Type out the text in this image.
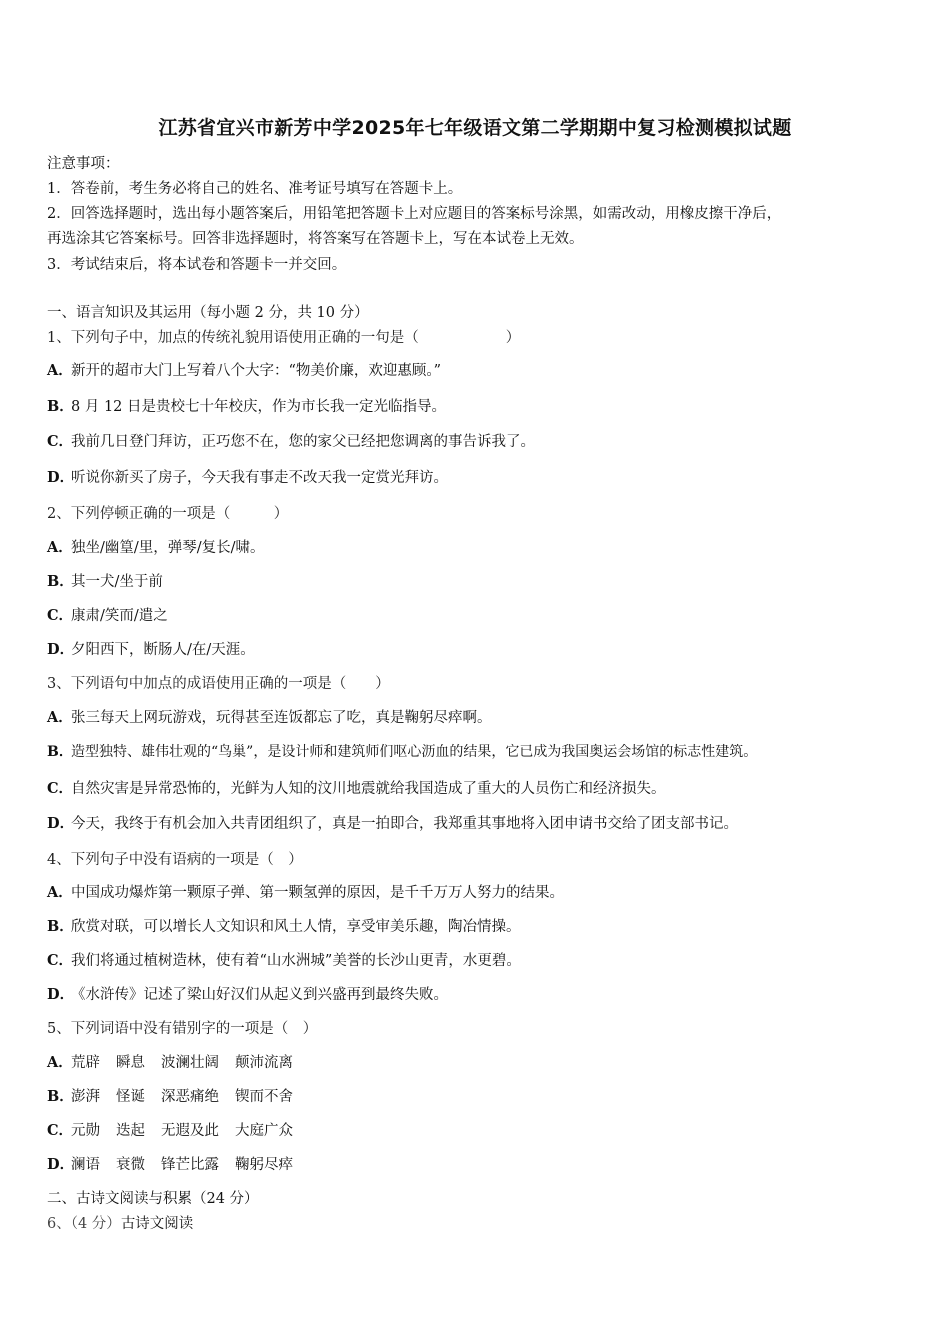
江苏省宜兴市新芳中学2025年七年级语文第二学期期中复习检测模拟试题
注意事项：
1．答卷前，考生务必将自己的姓名、准考证号填写在答题卡上。
2．回答选择题时，选出每小题答案后，用铅笔把答题卡上对应题目的答案标号涂黑，如需改动，用橡皮擦干净后，
再选涂其它答案标号。回答非选择题时，将答案写在答题卡上，写在本试卷上无效。
3．考试结束后，将本试卷和答题卡一并交回。
一、语言知识及其运用（每小题 2 分，共 10 分）
1、下列句子中，加点的传统礼貌用语使用正确的一句是（　　　　　　）
A．新开的超市大门上写着八个大字：“物美价廉，欢迎惠顾。”
B．8 月 12 日是贵校七十年校庆，作为市长我一定光临指导。
C．我前几日登门拜访，正巧您不在，您的家父已经把您调离的事告诉我了。
D．听说你新买了房子，今天我有事走不改天我一定赏光拜访。
2、下列停顿正确的一项是（　　　）
A．独坐/幽篁/里，弹琴/复长/啸。
B．其一犬/坐于前
C．康肃/笑而/遣之
D．夕阳西下，断肠人/在/天涯。
3、下列语句中加点的成语使用正确的一项是（　　）
A．张三每天上网玩游戏，玩得甚至连饭都忘了吃，真是鞠躬尽瘁啊。
B．造型独特、雄伟壮观的“鸟巢”，是设计师和建筑师们呕心沥血的结果，它已成为我国奥运会场馆的标志性建筑。
C．自然灾害是异常恐怖的，光鲜为人知的汶川地震就给我国造成了重大的人员伤亡和经济损失。
D．今天，我终于有机会加入共青团组织了，真是一拍即合，我郑重其事地将入团申请书交给了团支部书记。
4、下列句子中没有语病的一项是（　）
A．中国成功爆炸第一颗原子弹、第一颗氢弹的原因，是千千万万人努力的结果。
B．欣赏对联，可以增长人文知识和风土人情，享受审美乐趣，陶冶情操。
C．我们将通过植树造林，使有着“山水洲城”美誉的长沙山更青，水更碧。
D．《水浒传》记述了梁山好汉们从起义到兴盛再到最终失败。
5、下列词语中没有错别字的一项是（　）
A．荒辟 瞬息 波澜壮阔 颠沛流离
B．澎湃 怪诞 深恶痛绝 锲而不舍
C．元勋 迭起 无遐及此 大庭广众
D．澜语 衰微 锋芒比露 鞠躬尽瘁
二、古诗文阅读与积累（24 分）
6、（4 分）古诗文阅读
